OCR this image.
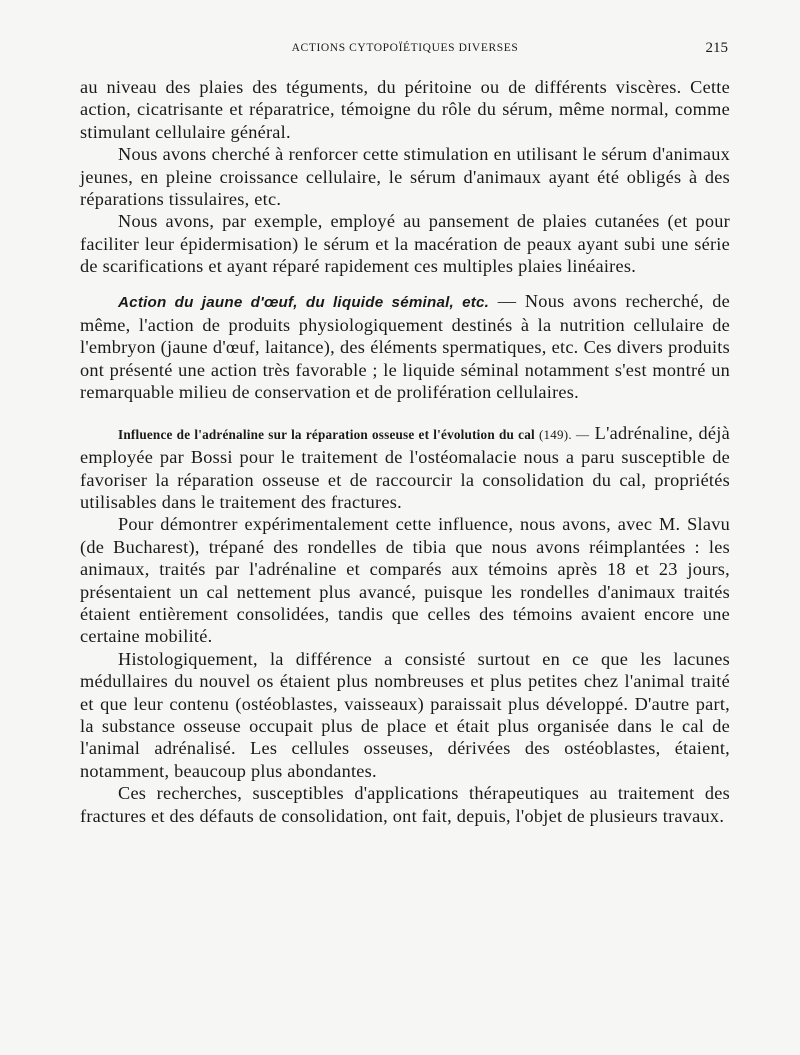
ACTIONS CYTOPOÏÉTIQUES DIVERSES	215

au niveau des plaies des téguments, du péritoine ou de différents viscères. Cette action, cicatrisante et réparatrice, témoigne du rôle du sérum, même normal, comme stimulant cellulaire général.

Nous avons cherché à renforcer cette stimulation en utilisant le sérum d'animaux jeunes, en pleine croissance cellulaire, le sérum d'animaux ayant été obligés à des réparations tissulaires, etc.

Nous avons, par exemple, employé au pansement de plaies cutanées (et pour faciliter leur épidermisation) le sérum et la macération de peaux ayant subi une série de scarifications et ayant réparé rapidement ces multiples plaies linéaires.

Action du jaune d'œuf, du liquide séminal, etc. — Nous avons recherché, de même, l'action de produits physiologiquement destinés à la nutrition cellulaire de l'embryon (jaune d'œuf, laitance), des éléments spermatiques, etc. Ces divers produits ont présenté une action très favorable ; le liquide séminal notamment s'est montré un remarquable milieu de conservation et de prolifération cellulaires.

Influence de l'adrénaline sur la réparation osseuse et l'évolution du cal (149). — L'adrénaline, déjà employée par Bossi pour le traitement de l'ostéomalacie nous a paru susceptible de favoriser la réparation osseuse et de raccourcir la consolidation du cal, propriétés utilisables dans le traitement des fractures.

Pour démontrer expérimentalement cette influence, nous avons, avec M. Slavu (de Bucharest), trépané des rondelles de tibia que nous avons réimplantées : les animaux, traités par l'adrénaline et comparés aux témoins après 18 et 23 jours, présentaient un cal nettement plus avancé, puisque les rondelles d'animaux traités étaient entièrement consolidées, tandis que celles des témoins avaient encore une certaine mobilité.

Histologiquement, la différence a consisté surtout en ce que les lacunes médullaires du nouvel os étaient plus nombreuses et plus petites chez l'animal traité et que leur contenu (ostéoblastes, vaisseaux) paraissait plus développé. D'autre part, la substance osseuse occupait plus de place et était plus organisée dans le cal de l'animal adrénalisé. Les cellules osseuses, dérivées des ostéoblastes, étaient, notamment, beaucoup plus abondantes.

Ces recherches, susceptibles d'applications thérapeutiques au traitement des fractures et des défauts de consolidation, ont fait, depuis, l'objet de plusieurs travaux.
